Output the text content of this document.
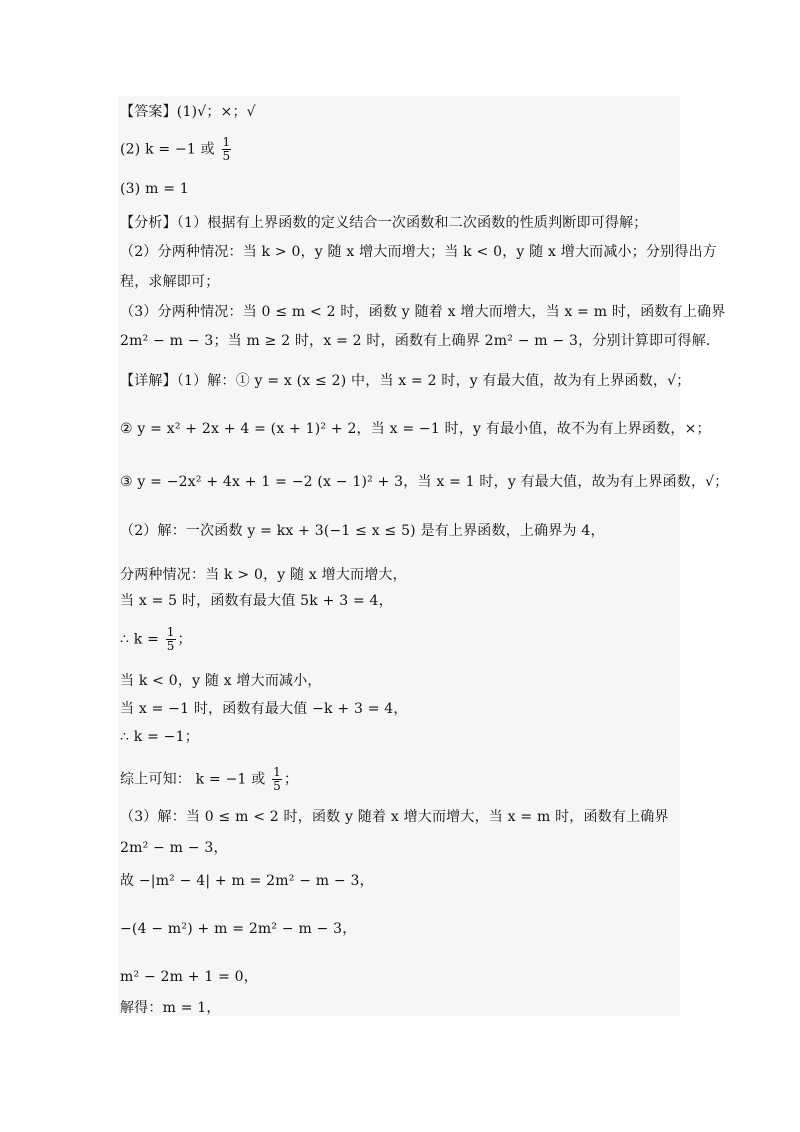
【答案】(1)√；×；√
(2) k = −1 或 $\frac{1}{5}$
(3) m = 1
【分析】（1）根据有上界函数的定义结合一次函数和二次函数的性质判断即可得解；
（2）分两种情况：当 k > 0，y 随 x 增大而增大；当 k < 0，y 随 x 增大而减小；分别得出方
程，求解即可；
（3）分两种情况：当 0 ≤ m < 2 时，函数 y 随着 x 增大而增大，当 x = m 时，函数有上确界
2m² − m − 3；当 m ≥ 2 时，x = 2 时，函数有上确界 2m² − m − 3，分别计算即可得解.
【详解】（1）解：① y = x (x ≤ 2) 中，当 x = 2 时，y 有最大值，故为有上界函数，√；
② y = x² + 2x + 4 = (x + 1)² + 2，当 x = −1 时，y 有最小值，故不为有上界函数，×；
③ y = −2x² + 4x + 1 = −2 (x − 1)² + 3，当 x = 1 时，y 有最大值，故为有上界函数，√；
（2）解：一次函数 y = kx + 3(−1 ≤ x ≤ 5) 是有上界函数，上确界为 4，
分两种情况：当 k > 0，y 随 x 增大而增大，
当 x = 5 时，函数有最大值 5k + 3 = 4，
∴ $k = \frac{1}{5}$ ；
当 k < 0，y 随 x 增大而减小，
当 x = −1 时，函数有最大值 −k + 3 = 4，
∴ k = −1；
综上可知： k = −1 或 $\frac{1}{5}$ ；
（3）解：当 0 ≤ m < 2 时，函数 y 随着 x 增大而增大，当 x = m 时，函数有上确界
2m² − m − 3，
故 −|m² − 4| + m = 2m² − m − 3，
−(4 − m²) + m = 2m² − m − 3，
m² − 2m + 1 = 0，
解得：m = 1，
